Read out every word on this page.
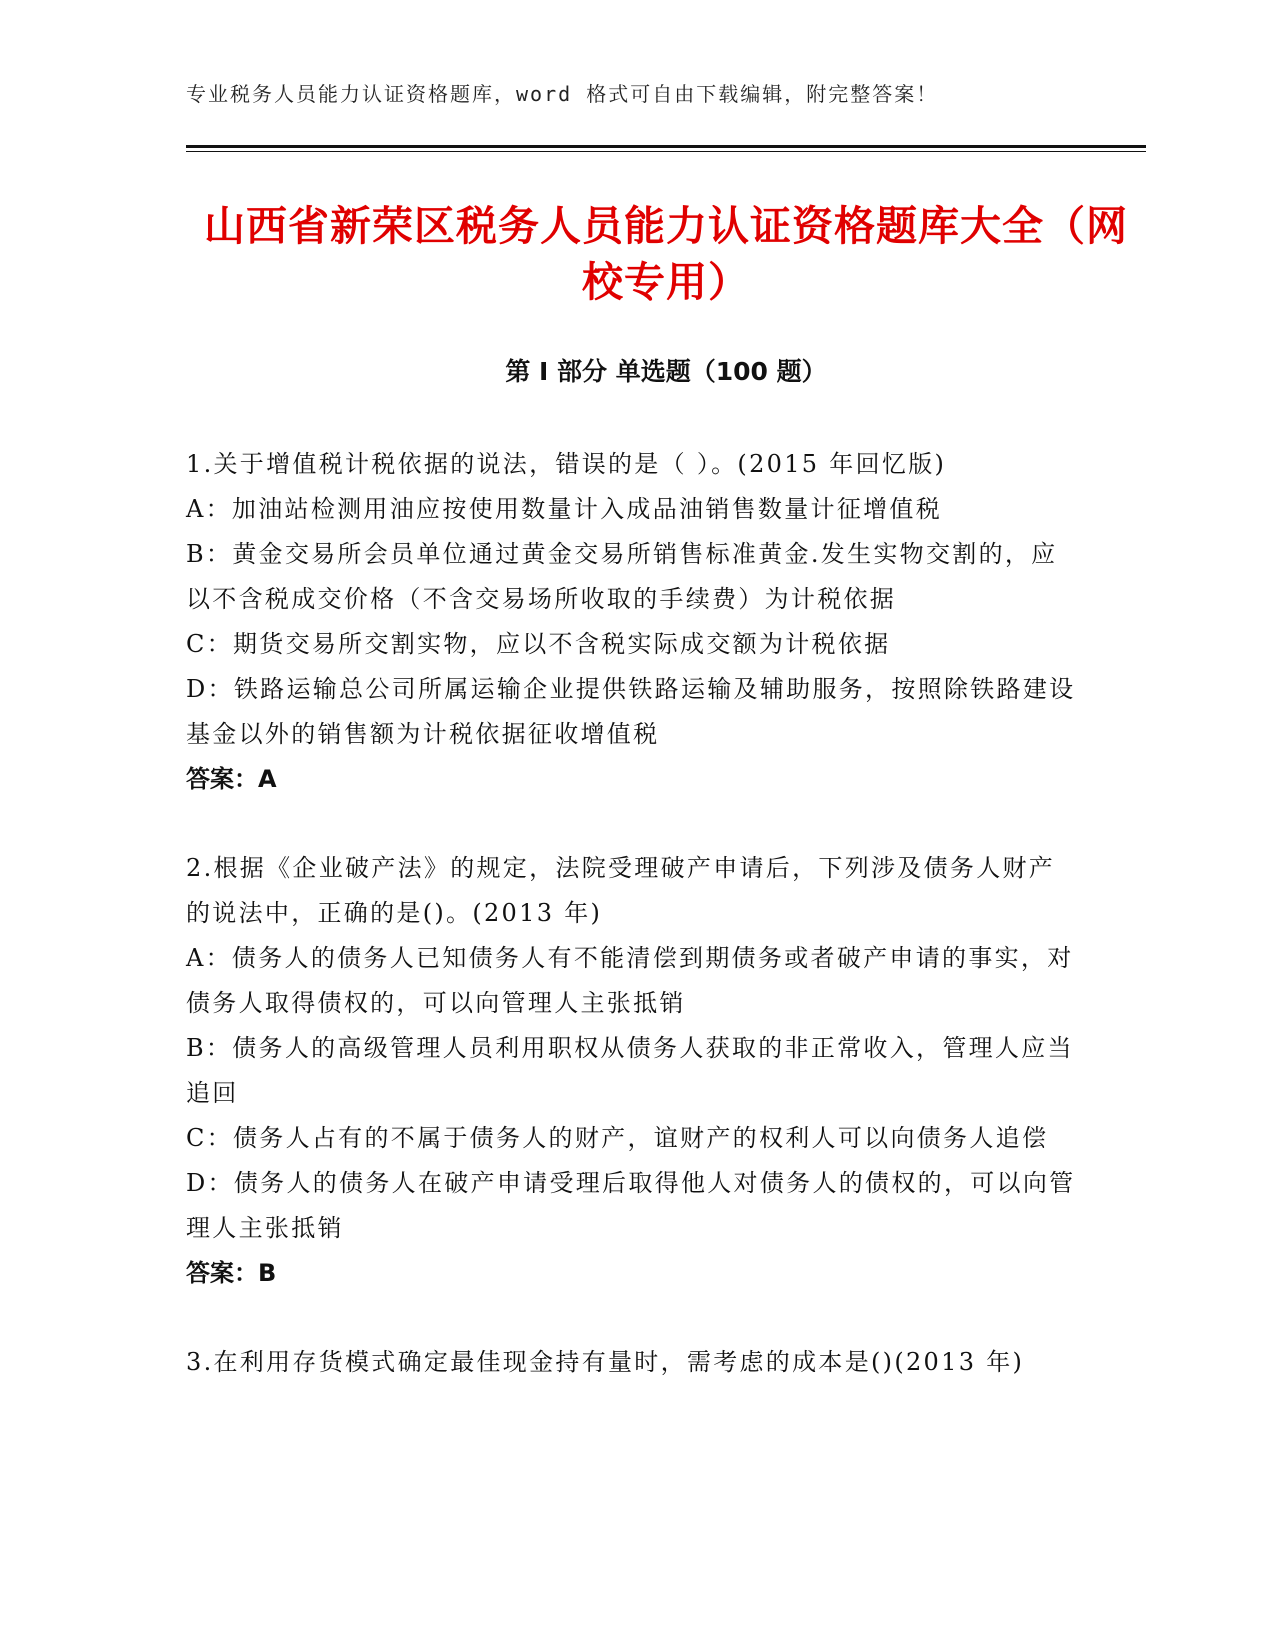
专业税务人员能力认证资格题库，word 格式可自由下载编辑，附完整答案！
山西省新荣区税务人员能力认证资格题库大全（网校专用）
第 I 部分 单选题（100 题）

1.关于增值税计税依据的说法，错误的是（ ）。(2015 年回忆版)

A：加油站检测用油应按使用数量计入成品油销售数量计征增值税

B：黄金交易所会员单位通过黄金交易所销售标准黄金.发生实物交割的，应以不含税成交价格（不含交易场所收取的手续费）为计税依据

C：期货交易所交割实物，应以不含税实际成交额为计税依据

D：铁路运输总公司所属运输企业提供铁路运输及辅助服务，按照除铁路建设基金以外的销售额为计税依据征收增值税

答案：A

2.根据《企业破产法》的规定，法院受理破产申请后，下列涉及债务人财产的说法中，正确的是()。(2013 年)

A：债务人的债务人已知债务人有不能清偿到期债务或者破产申请的事实，对债务人取得债权的，可以向管理人主张抵销

B：债务人的高级管理人员利用职权从债务人获取的非正常收入，管理人应当追回

C：债务人占有的不属于债务人的财产，谊财产的权利人可以向债务人追偿

D：债务人的债务人在破产申请受理后取得他人对债务人的债权的，可以向管理人主张抵销

答案：B

3.在利用存货模式确定最佳现金持有量时，需考虑的成本是()(2013 年)
